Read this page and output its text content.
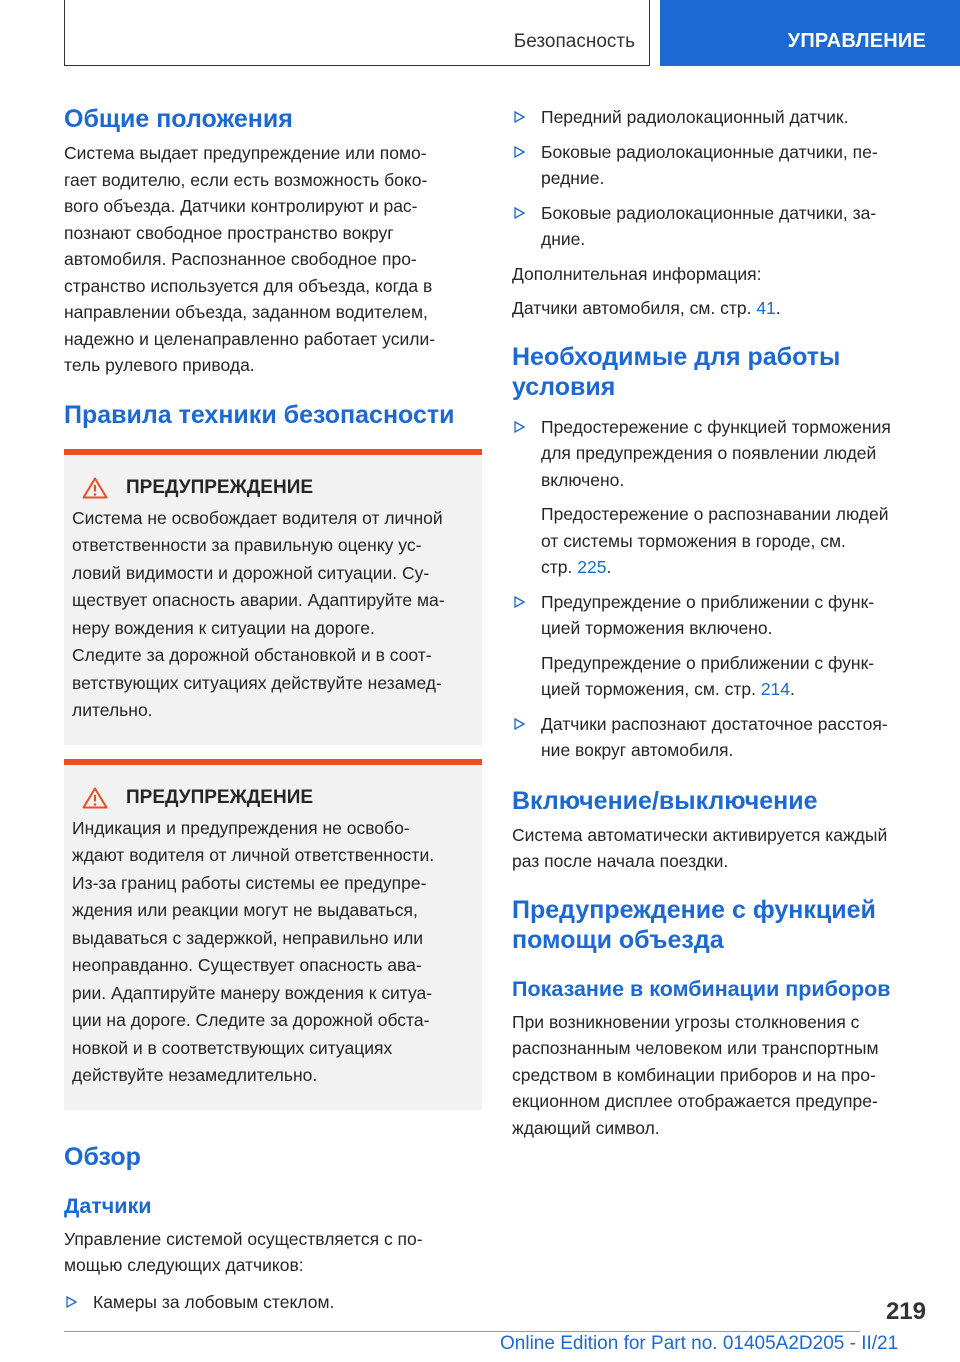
Безопасность	УПРАВЛЕНИЕ
Общие положения
Система выдает предупреждение или помо-
гает водителю, если есть возможность боко-
вого объезда. Датчики контролируют и рас-
познают свободное пространство вокруг
автомобиля. Распознанное свободное про-
странство используется для объезда, когда в
направлении объезда, заданном водителем,
надежно и целенаправленно работает усили-
тель рулевого привода.
Правила техники безопасности
ПРЕДУПРЕЖДЕНИЕ
Система не освобождает водителя от личной
ответственности за правильную оценку ус-
ловий видимости и дорожной ситуации. Су-
ществует опасность аварии. Адаптируйте ма-
неру вождения к ситуации на дороге.
Следите за дорожной обстановкой и в соот-
ветствующих ситуациях действуйте незамед-
лительно.
ПРЕДУПРЕЖДЕНИЕ
Индикация и предупреждения не освобо-
ждают водителя от личной ответственности.
Из-за границ работы системы ее предупре-
ждения или реакции могут не выдаваться,
выдаваться с задержкой, неправильно или
неоправданно. Существует опасность ава-
рии. Адаптируйте манеру вождения к ситуа-
ции на дороге. Следите за дорожной обста-
новкой и в соответствующих ситуациях
действуйте незамедлительно.
Обзор
Датчики
Управление системой осуществляется с по-
мощью следующих датчиков:
Камеры за лобовым стеклом.
Передний радиолокационный датчик.
Боковые радиолокационные датчики, пе-
редние.
Боковые радиолокационные датчики, за-
дние.
Дополнительная информация:
Датчики автомобиля, см. стр. 41.
Необходимые для работы
условия
Предостережение с функцией торможения
для предупреждения о появлении людей
включено.
Предостережение о распознавании людей
от системы торможения в городе, см.
стр. 225.
Предупреждение о приближении с функ-
цией торможения включено.
Предупреждение о приближении с функ-
цией торможения, см. стр. 214.
Датчики распознают достаточное расстоя-
ние вокруг автомобиля.
Включение/выключение
Система автоматически активируется каждый
раз после начала поездки.
Предупреждение с функцией
помощи объезда
Показание в комбинации приборов
При возникновении угрозы столкновения с
распознанным человеком или транспортным
средством в комбинации приборов и на про-
екционном дисплее отображается предупре-
ждающий символ.
219
Online Edition for Part no. 01405A2D205 - II/21
